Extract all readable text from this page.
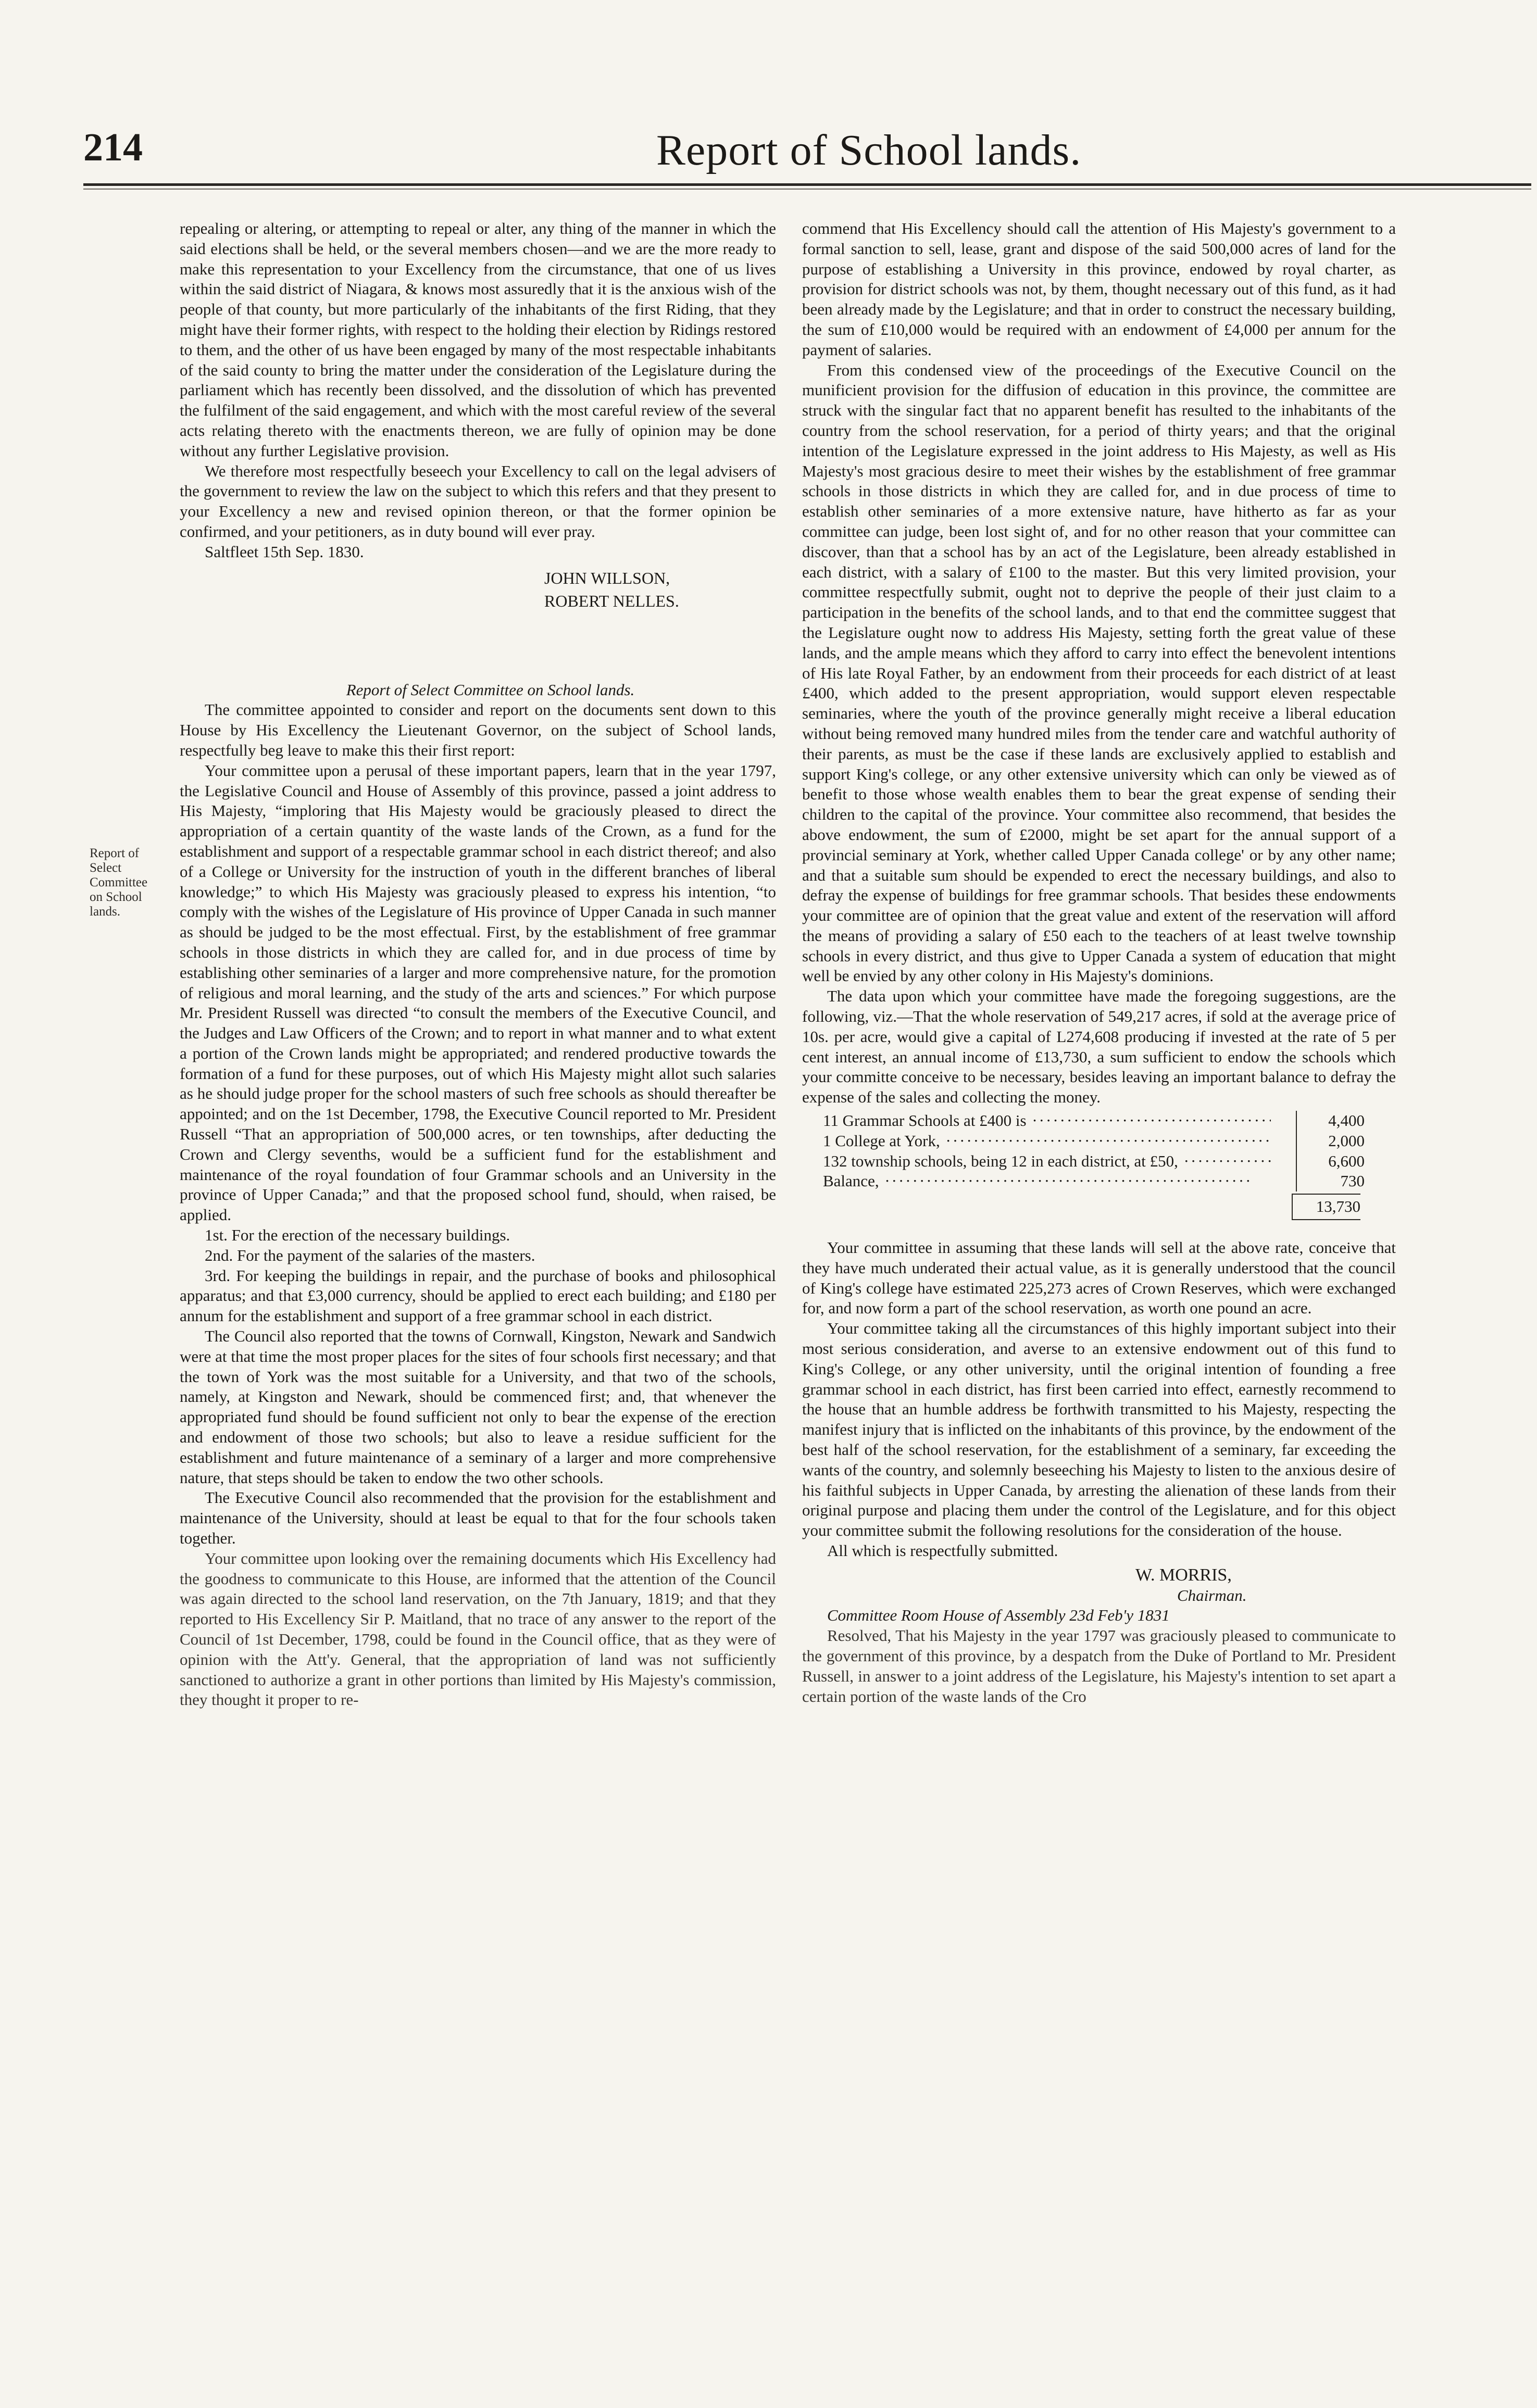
214	Report of School lands.
Report of Select Committee on School lands.

repealing or altering, or attempting to repeal or alter, any thing of the manner in which the said elections shall be held, or the several members chosen—and we are the more ready to make this representation to your Excellency from the circumstance, that one of us lives within the said district of Niagara, & knows most assuredly that it is the anxious wish of the people of that county, but more particularly of the inhabitants of the first Riding, that they might have their former rights, with respect to the holding their election by Ridings restored to them, and the other of us have been engaged by many of the most respectable inhabitants of the said county to bring the matter under the consideration of the Legislature during the parliament which has recently been dissolved, and the dissolution of which has prevented the fulfilment of the said engagement, and which with the most careful review of the several acts relating thereto with the enactments thereon, we are fully of opinion may be done without any further Legislative provision.

We therefore most respectfully beseech your Excellency to call on the legal advisers of the government to review the law on the subject to which this refers and that they present to your Excellency a new and revised opinion thereon, or that the former opinion be confirmed, and your petitioners, as in duty bound will ever pray.

Saltfleet 15th Sep. 1830.

JOHN WILLSON,
ROBERT NELLES.

Report of Select Committee on School lands.

The committee appointed to consider and report on the documents sent down to this House by His Excellency the Lieutenant Governor, on the subject of School lands, respectfully beg leave to make this their first report:

Your committee upon a perusal of these important papers, learn that in the year 1797, the Legislative Council and House of Assembly of this province, passed a joint address to His Majesty, “imploring that His Majesty would be graciously pleased to direct the appropriation of a certain quantity of the waste lands of the Crown, as a fund for the establishment and support of a respectable grammar school in each district thereof; and also of a College or University for the instruction of youth in the different branches of liberal knowledge;” to which His Majesty was graciously pleased to express his intention, “to comply with the wishes of the Legislature of His province of Upper Canada in such manner as should be judged to be the most effectual. First, by the establishment of free grammar schools in those districts in which they are called for, and in due process of time by establishing other seminaries of a larger and more comprehensive nature, for the promotion of religious and moral learning, and the study of the arts and sciences.” For which purpose Mr. President Russell was directed “to consult the members of the Executive Council, and the Judges and Law Officers of the Crown; and to report in what manner and to what extent a portion of the Crown lands might be appropriated; and rendered productive towards the formation of a fund for these purposes, out of which His Majesty might allot such salaries as he should judge proper for the school masters of such free schools as should thereafter be appointed; and on the 1st December, 1798, the Executive Council reported to Mr. President Russell “That an appropriation of 500,000 acres, or ten townships, after deducting the Crown and Clergy sevenths, would be a sufficient fund for the establishment and maintenance of the royal foundation of four Grammar schools and an University in the province of Upper Canada;” and that the proposed school fund, should, when raised, be applied.

1st. For the erection of the necessary buildings.

2nd. For the payment of the salaries of the masters.

3rd. For keeping the buildings in repair, and the purchase of books and philosophical apparatus; and that £3,000 currency, should be applied to erect each building; and £180 per annum for the establishment and support of a free grammar school in each district.

The Council also reported that the towns of Cornwall, Kingston, Newark and Sandwich were at that time the most proper places for the sites of four schools first necessary; and that the town of York was the most suitable for a University, and that two of the schools, namely, at Kingston and Newark, should be commenced first; and, that whenever the appropriated fund should be found sufficient not only to bear the expense of the erection and endowment of those two schools; but also to leave a residue sufficient for the establishment and future maintenance of a seminary of a larger and more comprehensive nature, that steps should be taken to endow the two other schools.

The Executive Council also recommended that the provision for the establishment and maintenance of the University, should at least be equal to that for the four schools taken together.

Your committee upon looking over the remaining documents which His Excellency had the goodness to communicate to this House, are informed that the attention of the Council was again directed to the school land reservation, on the 7th January, 1819; and that they reported to His Excellency Sir P. Maitland, that no trace of any answer to the report of the Council of 1st December, 1798, could be found in the Council office, that as they were of opinion with the Att'y. General, that the appropriation of land was not sufficiently sanctioned to authorize a grant in other portions than limited by His Majesty's commission, they thought it proper to re-

commend that His Excellency should call the attention of His Majesty's government to a formal sanction to sell, lease, grant and dispose of the said 500,000 acres of land for the purpose of establishing a University in this province, endowed by royal charter, as provision for district schools was not, by them, thought necessary out of this fund, as it had been already made by the Legislature; and that in order to construct the necessary building, the sum of £10,000 would be required with an endowment of £4,000 per annum for the payment of salaries.

From this condensed view of the proceedings of the Executive Council on the munificient provision for the diffusion of education in this province, the committee are struck with the singular fact that no apparent benefit has resulted to the inhabitants of the country from the school reservation, for a period of thirty years; and that the original intention of the Legislature expressed in the joint address to His Majesty, as well as His Majesty's most gracious desire to meet their wishes by the establishment of free grammar schools in those districts in which they are called for, and in due process of time to establish other seminaries of a more extensive nature, have hitherto as far as your committee can judge, been lost sight of, and for no other reason that your committee can discover, than that a school has by an act of the Legislature, been already established in each district, with a salary of £100 to the master. But this very limited provision, your committee respectfully submit, ought not to deprive the people of their just claim to a participation in the benefits of the school lands, and to that end the committee suggest that the Legislature ought now to address His Majesty, setting forth the great value of these lands, and the ample means which they afford to carry into effect the benevolent intentions of His late Royal Father, by an endowment from their proceeds for each district of at least £400, which added to the present appropriation, would support eleven respectable seminaries, where the youth of the province generally might receive a liberal education without being removed many hundred miles from the tender care and watchful authority of their parents, as must be the case if these lands are exclusively applied to establish and support King's college, or any other extensive university which can only be viewed as of benefit to those whose wealth enables them to bear the great expense of sending their children to the capital of the province. Your committee also recommend, that besides the above endowment, the sum of £2000, might be set apart for the annual support of a provincial seminary at York, whether called Upper Canada college' or by any other name; and that a suitable sum should be expended to erect the necessary buildings, and also to defray the expense of buildings for free grammar schools. That besides these endowments your committee are of opinion that the great value and extent of the reservation will afford the means of providing a salary of £50 each to the teachers of at least twelve township schools in every district, and thus give to Upper Canada a system of education that might well be envied by any other colony in His Majesty's dominions.

The data upon which your committee have made the foregoing suggestions, are the following, viz.—That the whole reservation of 549,217 acres, if sold at the average price of 10s. per acre, would give a capital of L274,608 producing if invested at the rate of 5 per cent interest, an annual income of £13,730, a sum sufficient to endow the schools which your committe conceive to be necessary, besides leaving an important balance to defray the expense of the sales and collecting the money.

11 Grammar Schools at £400 is ·····	4,400
1 College at York, ·····	2,000
132 township schools, being 12 in each district, at £50, ·····	6,600
Balance, ·····	730
13,730

Your committee in assuming that these lands will sell at the above rate, conceive that they have much underated their actual value, as it is generally understood that the council of King's college have estimated 225,273 acres of Crown Reserves, which were exchanged for, and now form a part of the school reservation, as worth one pound an acre.

Your committee taking all the circumstances of this highly important subject into their most serious consideration, and averse to an extensive endowment out of this fund to King's College, or any other university, until the original intention of founding a free grammar school in each district, has first been carried into effect, earnestly recommend to the house that an humble address be forthwith transmitted to his Majesty, respecting the manifest injury that is inflicted on the inhabitants of this province, by the endowment of the best half of the school reservation, for the establishment of a seminary, far exceeding the wants of the country, and solemnly beseeching his Majesty to listen to the anxious desire of his faithful subjects in Upper Canada, by arresting the alienation of these lands from their original purpose and placing them under the control of the Legislature, and for this object your committee submit the following resolutions for the consideration of the house.

All which is respectfully submitted.

W. MORRIS,
Chairman.

Committee Room House of Assembly 23d Feb'y 1831

Resolved, That his Majesty in the year 1797 was graciously pleased to communicate to the government of this province, by a despatch from the Duke of Portland to Mr. President Russell, in answer to a joint address of the Legislature, his Majesty's intention to set apart a certain portion of the waste lands of the Cro
